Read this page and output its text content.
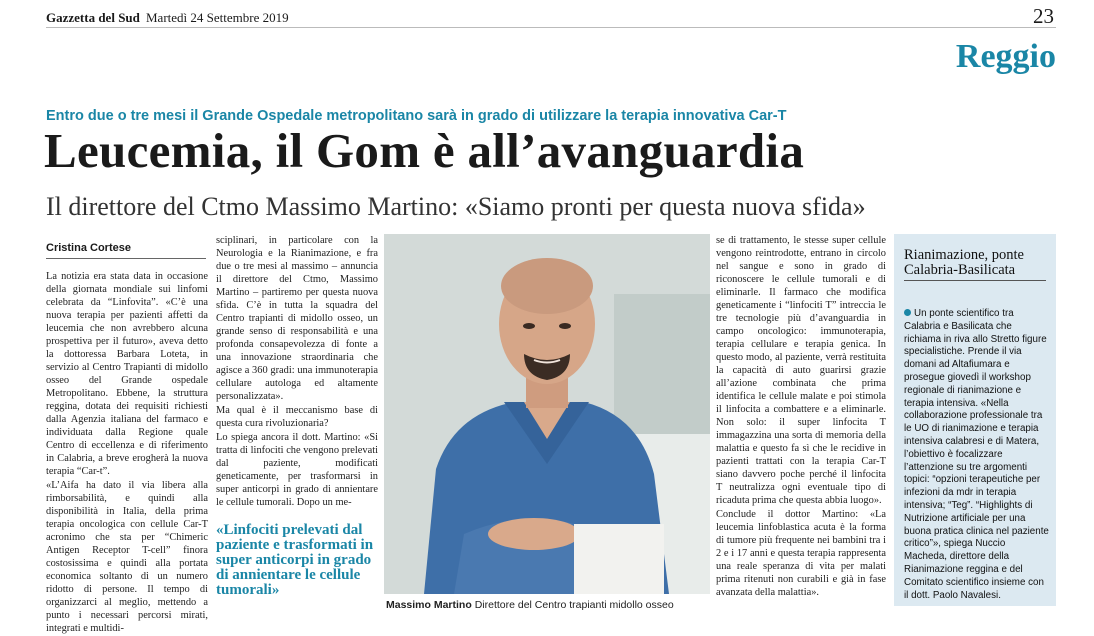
Gazzetta del Sud Martedì 24 Settembre 2019	23
Reggio
Entro due o tre mesi il Grande Ospedale metropolitano sarà in grado di utilizzare la terapia innovativa Car-T
Leucemia, il Gom è all’avanguardia
Il direttore del Ctmo Massimo Martino: «Siamo pronti per questa nuova sfida»
Cristina Cortese

La notizia era stata data in occasione della giornata mondiale sui linfomi celebrata da “Linfovita”. «C’è una nuova terapia per pazienti affetti da leucemia che non avrebbero alcuna prospettiva per il futuro», aveva detto la dottoressa Barbara Loteta, in servizio al Centro Trapianti di midollo osseo del Grande ospedale Metropolitano. Ebbene, la struttura reggina, dotata dei requisiti richiesti dalla Agenzia italiana del farmaco e individuata dalla Regione quale Centro di eccellenza e di riferimento in Calabria, a breve erogherà la nuova terapia “Car-t”.

«L’Aifa ha dato il via libera alla rimborsabilità, e quindi alla disponibilità in Italia, della prima terapia oncologica con cellule Car-T acronimo che sta per “Chimeric Antigen Receptor T-cell” finora costosissima e quindi alla portata economica soltanto di un numero ridotto di persone. Il tempo di organizzarci al meglio, mettendo a punto i necessari percorsi mirati, integrati e multidi-

sciplinari, in particolare con la Neurologia e la Rianimazione, e fra due o tre mesi al massimo – annuncia il direttore del Ctmo, Massimo Martino – partiremo per questa nuova sfida. C’è in tutta la squadra del Centro trapianti di midollo osseo, un grande senso di responsabilità e una profonda consapevolezza di fonte a una innovazione straordinaria che agisce a 360 gradi: una immunoterapia cellulare autologa ed altamente personalizzata».

Ma qual è il meccanismo base di questa cura rivoluzionaria?

Lo spiega ancora il dott. Martino: «Si tratta di linfociti che vengono prelevati dal paziente, modificati geneticamente, per trasformarsi in super anticorpi in grado di annientare le cellule tumorali. Dopo un me-

«Linfociti prelevati dal paziente e trasformati in super anticorpi in grado di annientare le cellule tumorali»
Massimo Martino Direttore del Centro trapianti midollo osseo

se di trattamento, le stesse super cellule vengono reintrodotte, entrano in circolo nel sangue e sono in grado di riconoscere le cellule tumorali e di eliminarle. Il farmaco che modifica geneticamente i “linfociti T” intreccia le tre tecnologie più d’avanguardia in campo oncologico: immunoterapia, terapia cellulare e terapia genica. In questo modo, al paziente, verrà restituita la capacità di auto guarirsi grazie all’azione combinata che prima identifica le cellule malate e poi stimola il linfocita a combattere e a eliminarle. Non solo: il super linfocita T immagazzina una sorta di memoria della malattia e questo fa sì che le recidive in pazienti trattati con la terapia Car-T siano davvero poche perché il linfocita T neutralizza ogni eventuale tipo di ricaduta prima che questa abbia luogo».

Conclude il dottor Martino: «La leucemia linfoblastica acuta è la forma di tumore più frequente nei bambini tra i 2 e i 17 anni e questa terapia rappresenta una reale speranza di vita per malati prima ritenuti non curabili e già in fase avanzata della malattia».

Rianimazione, ponte Calabria-Basilicata
Un ponte scientifico tra Calabria e Basilicata che richiama in riva allo Stretto figure specialistiche. Prende il via domani ad Altafiumara e prosegue giovedì il workshop regionale di rianimazione e terapia intensiva. «Nella collaborazione professionale tra le UO di rianimazione e terapia intensiva calabresi e di Matera, l’obiettivo è focalizzare l’attenzione su tre argomenti topici: “opzioni terapeutiche per infezioni da mdr in terapia intensiva; “Teg”. “Highlights di Nutrizione artificiale per una buona pratica clinica nel paziente critico”», spiega Nuccio Macheda, direttore della Rianimazione reggina e del Comitato scientifico insieme con il dott. Paolo Navalesi.
